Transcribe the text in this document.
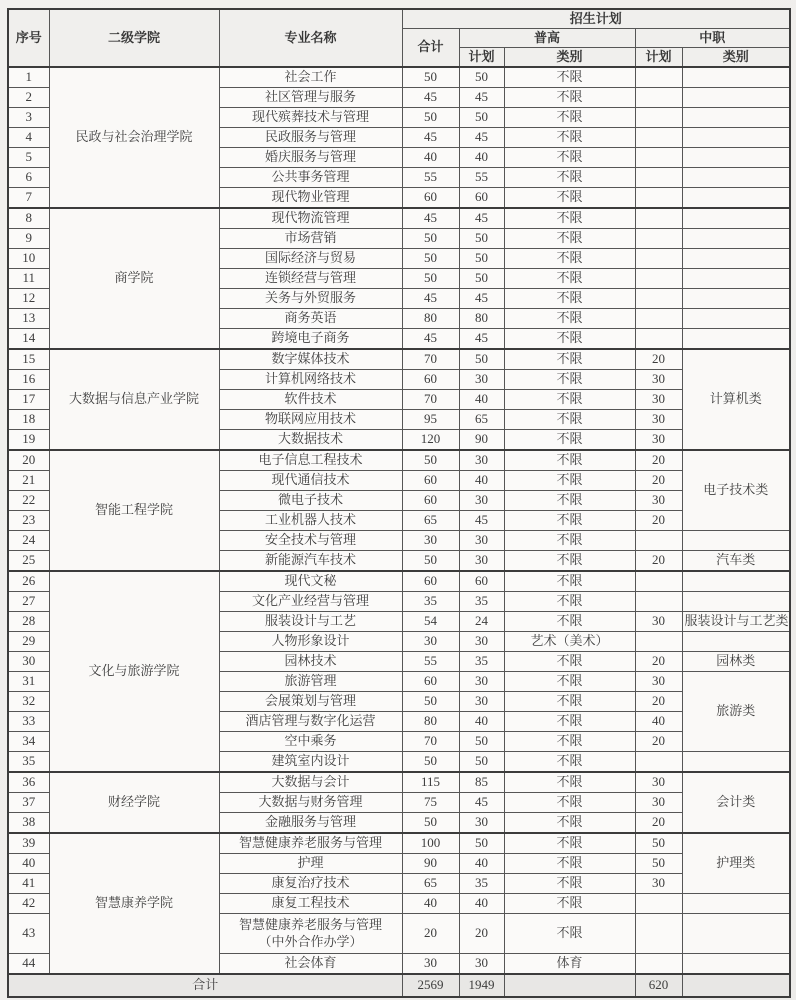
序号	二级学院	专业名称	招生计划				
			合计	普高		中职	
				计划	类别	计划	类别
1	民政与社会治理学院	社会工作	50	50	不限		
2		社区管理与服务	45	45	不限		
3		现代殡葬技术与管理	50	50	不限		
4		民政服务与管理	45	45	不限		
5		婚庆服务与管理	40	40	不限		
6		公共事务管理	55	55	不限		
7		现代物业管理	60	60	不限		
8	商学院	现代物流管理	45	45	不限		
9		市场营销	50	50	不限		
10		国际经济与贸易	50	50	不限		
11		连锁经营与管理	50	50	不限		
12		关务与外贸服务	45	45	不限		
13		商务英语	80	80	不限		
14		跨境电子商务	45	45	不限		
15	大数据与信息产业学院	数字媒体技术	70	50	不限	20	计算机类
16		计算机网络技术	60	30	不限	30	
17		软件技术	70	40	不限	30	
18		物联网应用技术	95	65	不限	30	
19		大数据技术	120	90	不限	30	
20	智能工程学院	电子信息工程技术	50	30	不限	20	电子技术类
21		现代通信技术	60	40	不限	20	
22		微电子技术	60	30	不限	30	
23		工业机器人技术	65	45	不限	20	
24		安全技术与管理	30	30	不限		
25		新能源汽车技术	50	30	不限	20	汽车类
26	文化与旅游学院	现代文秘	60	60	不限		
27		文化产业经营与管理	35	35	不限		
28		服装设计与工艺	54	24	不限	30	服装设计与工艺类
29		人物形象设计	30	30	艺术（美术）		
30		园林技术	55	35	不限	20	园林类
31		旅游管理	60	30	不限	30	旅游类
32		会展策划与管理	50	30	不限	20	
33		酒店管理与数字化运营	80	40	不限	40	
34		空中乘务	70	50	不限	20	
35		建筑室内设计	50	50	不限		
36	财经学院	大数据与会计	115	85	不限	30	会计类
37		大数据与财务管理	75	45	不限	30	
38		金融服务与管理	50	30	不限	20	
39	智慧康养学院	智慧健康养老服务与管理	100	50	不限	50	护理类
40		护理	90	40	不限	50	
41		康复治疗技术	65	35	不限	30	
42		康复工程技术	40	40	不限		
43		智慧健康养老服务与管理
（中外合作办学）	20	20	不限		
44		社会体育	30	30	体育		
合计			2569	1949		620	
